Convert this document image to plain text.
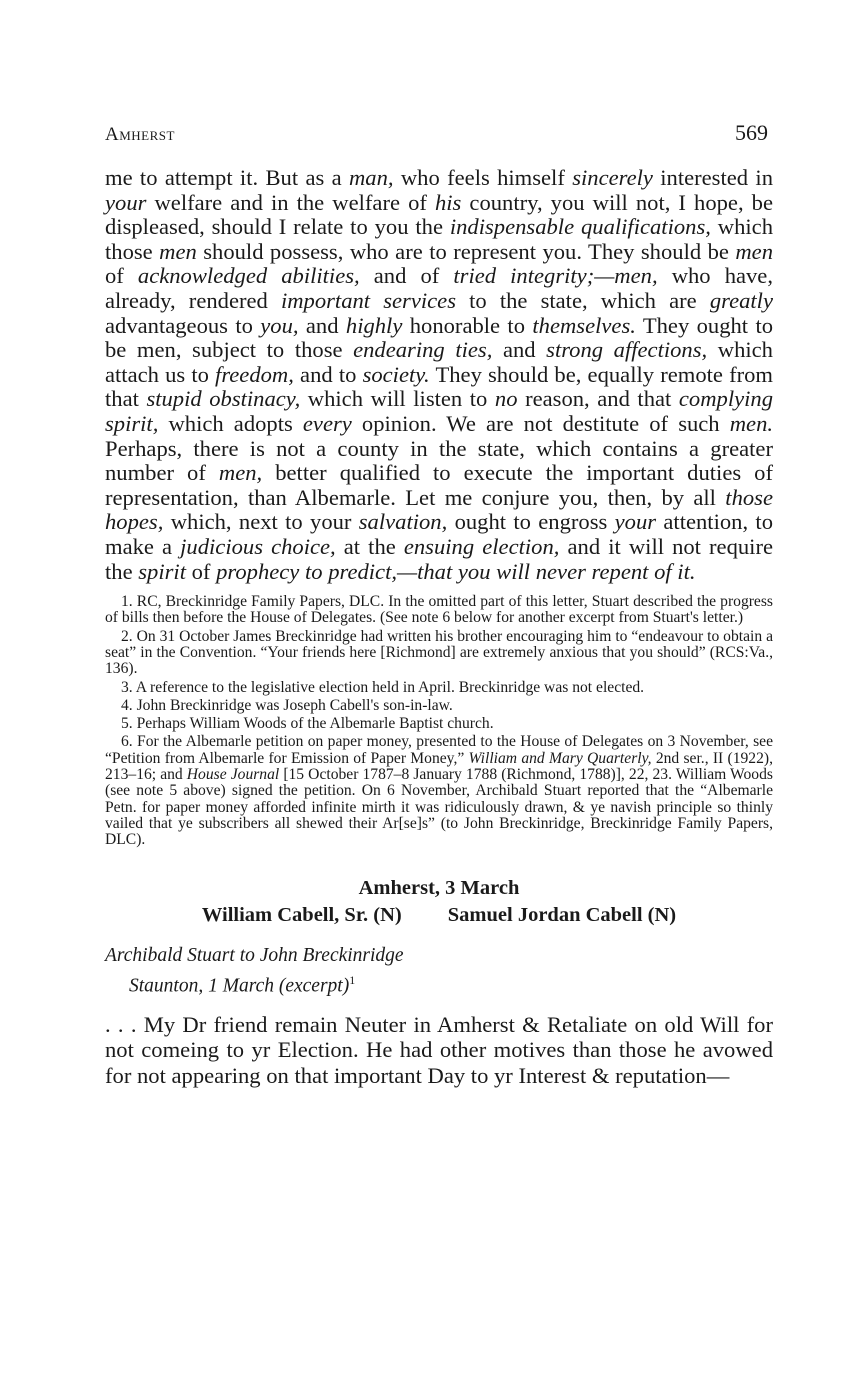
Amherst	569

me to attempt it. But as a man, who feels himself sincerely interested in your welfare and in the welfare of his country, you will not, I hope, be displeased, should I relate to you the indispensable qualifications, which those men should possess, who are to represent you. They should be men of acknowledged abilities, and of tried integrity;—men, who have, already, rendered important services to the state, which are greatly advantageous to you, and highly honorable to themselves. They ought to be men, subject to those endearing ties, and strong affections, which attach us to freedom, and to society. They should be, equally remote from that stupid obstinacy, which will listen to no reason, and that complying spirit, which adopts every opinion. We are not destitute of such men. Perhaps, there is not a county in the state, which contains a greater number of men, better qualified to execute the important duties of representation, than Albemarle. Let me conjure you, then, by all those hopes, which, next to your salvation, ought to engross your attention, to make a judicious choice, at the ensuing election, and it will not require the spirit of prophecy to predict,—that you will never repent of it.

1. RC, Breckinridge Family Papers, DLC. In the omitted part of this letter, Stuart described the progress of bills then before the House of Delegates. (See note 6 below for another excerpt from Stuart's letter.)

2. On 31 October James Breckinridge had written his brother encouraging him to “endeavour to obtain a seat” in the Convention. “Your friends here [Richmond] are extremely anxious that you should” (RCS:Va., 136).

3. A reference to the legislative election held in April. Breckinridge was not elected.

4. John Breckinridge was Joseph Cabell's son-in-law.

5. Perhaps William Woods of the Albemarle Baptist church.

6. For the Albemarle petition on paper money, presented to the House of Delegates on 3 November, see “Petition from Albemarle for Emission of Paper Money,” William and Mary Quarterly, 2nd ser., II (1922), 213–16; and House Journal [15 October 1787–8 January 1788 (Richmond, 1788)], 22, 23. William Woods (see note 5 above) signed the petition. On 6 November, Archibald Stuart reported that the “Albemarle Petn. for paper money afforded infinite mirth it was ridiculously drawn, & ye navish principle so thinly vailed that ye subscribers all shewed their Ar[se]s” (to John Breckinridge, Breckinridge Family Papers, DLC).

Amherst, 3 March
William Cabell, Sr. (N) Samuel Jordan Cabell (N)
Archibald Stuart to John Breckinridge
Staunton, 1 March (excerpt)$^1$

. . . My Dr friend remain Neuter in Amherst & Retaliate on old Will for not comeing to yr Election. He had other motives than those he avowed for not appearing on that important Day to yr Interest & reputation—
